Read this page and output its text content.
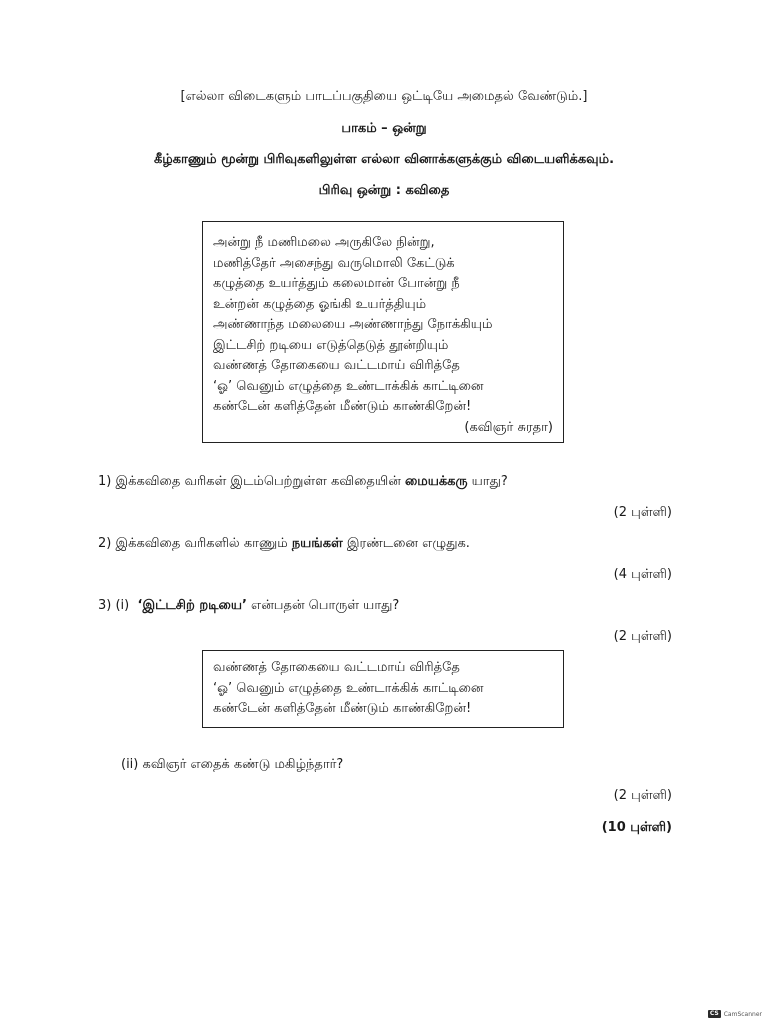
[எல்லா விடைகளும் பாடப்பகுதியை ஒட்டியே அமைதல் வேண்டும்.]
பாகம் – ஒன்று
கீழ்காணும் மூன்று பிரிவுகளிலுள்ள எல்லா வினாக்களுக்கும் விடையளிக்கவும்.
பிரிவு ஒன்று : கவிதை
அன்று நீ மணிமலை அருகிலே நின்று,
மணித்தேர் அசைந்து வருமொலி கேட்டுக்
கழுத்தை உயர்த்தும் கலைமான் போன்று நீ
உன்றன் கழுத்தை ஓங்கி உயர்த்தியும்
அண்ணாந்த மலையை அண்ணாந்து நோக்கியும்
இட்டசிற் றடியை எடுத்தெடுத் தூன்றியும்
வண்ணத் தோகையை வட்டமாய் விரித்தே
‘ஓ’ வெனும் எழுத்தை உண்டாக்கிக் காட்டினை
கண்டேன் களித்தேன் மீண்டும் காண்கிறேன்!
(கவிஞர் சுரதா)
1) இக்கவிதை வரிகள் இடம்பெற்றுள்ள கவிதையின் மையக்கரு யாது?
(2 புள்ளி)
2) இக்கவிதை வரிகளில் காணும் நயங்கள் இரண்டனை எழுதுக.
(4 புள்ளி)
3) (i) ‘இட்டசிற் றடியை’ என்பதன் பொருள் யாது?
(2 புள்ளி)
வண்ணத் தோகையை வட்டமாய் விரித்தே
‘ஓ’ வெனும் எழுத்தை உண்டாக்கிக் காட்டினை
கண்டேன் களித்தேன் மீண்டும் காண்கிறேன்!
(ii) கவிஞர் எதைக் கண்டு மகிழ்ந்தார்?
(2 புள்ளி)
(10 புள்ளி)
CS CamScanner
